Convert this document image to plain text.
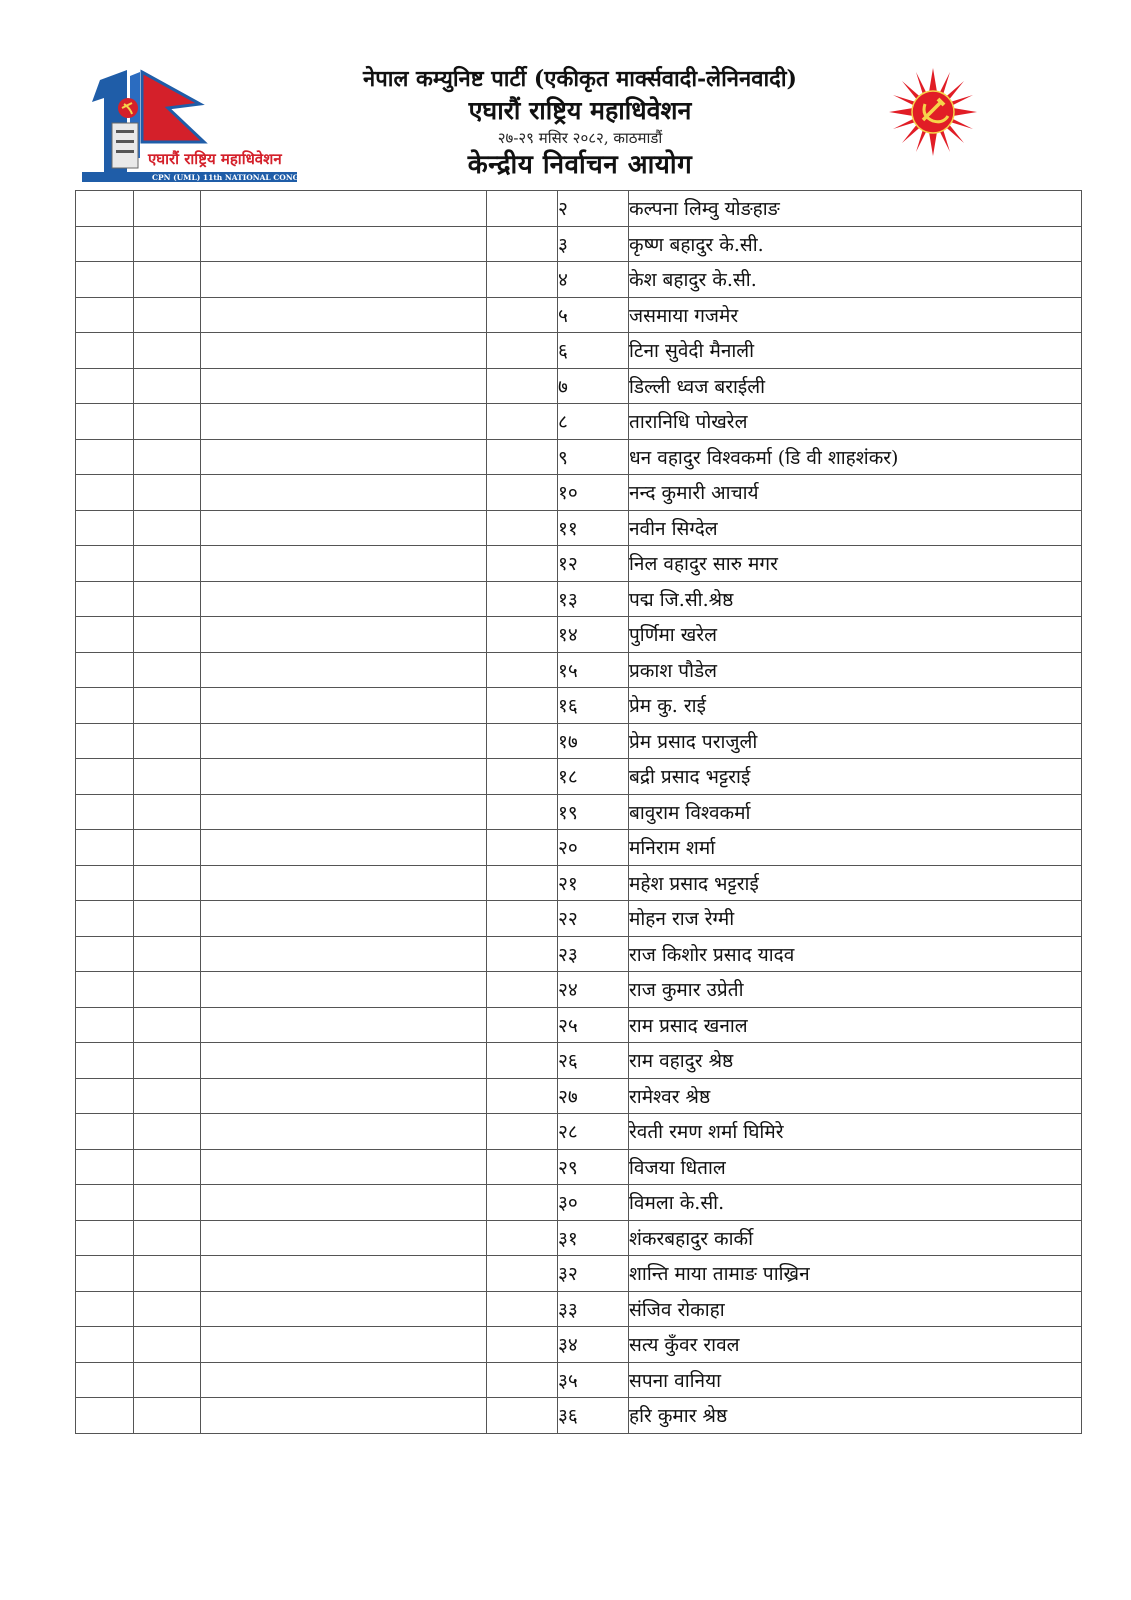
एघारौं राष्ट्रिय महाधिवेशन
CPN (UML) 11th NATIONAL CONGRESS
नेपाल कम्युनिष्ट पार्टी (एकीकृत मार्क्सवादी-लेनिनवादी)
एघारौं राष्ट्रिय महाधिवेशन
२७-२९ मसिर २०८२, काठमाडौं
केन्द्रीय निर्वाचन आयोग
				२	कल्पना लिम्वु योङहाङ
				३	कृष्ण बहादुर के.सी.
				४	केश बहादुर के.सी.
				५	जसमाया गजमेर
				६	टिना सुवेदी मैनाली
				७	डिल्ली ध्वज बराईली
				८	तारानिधि पोखरेल
				९	धन वहादुर विश्वकर्मा (डि वी शाहशंकर)
				१०	नन्द कुमारी आचार्य
				११	नवीन सिग्देल
				१२	निल वहादुर सारु मगर
				१३	पद्म जि.सी.श्रेष्ठ
				१४	पुर्णिमा खरेल
				१५	प्रकाश पौडेल
				१६	प्रेम कु. राई
				१७	प्रेम प्रसाद पराजुली
				१८	बद्री प्रसाद भट्टराई
				१९	बावुराम विश्वकर्मा
				२०	मनिराम शर्मा
				२१	महेश प्रसाद भट्टराई
				२२	मोहन राज रेग्मी
				२३	राज किशोर प्रसाद यादव
				२४	राज कुमार उप्रेती
				२५	राम प्रसाद खनाल
				२६	राम वहादुर श्रेष्ठ
				२७	रामेश्वर श्रेष्ठ
				२८	रेवती रमण शर्मा घिमिरे
				२९	विजया धिताल
				३०	विमला के.सी.
				३१	शंकरबहादुर कार्की
				३२	शान्ति माया तामाङ पाख्रिन
				३३	संजिव रोकाहा
				३४	सत्य कुँवर रावल
				३५	सपना वानिया
				३६	हरि कुमार श्रेष्ठ
